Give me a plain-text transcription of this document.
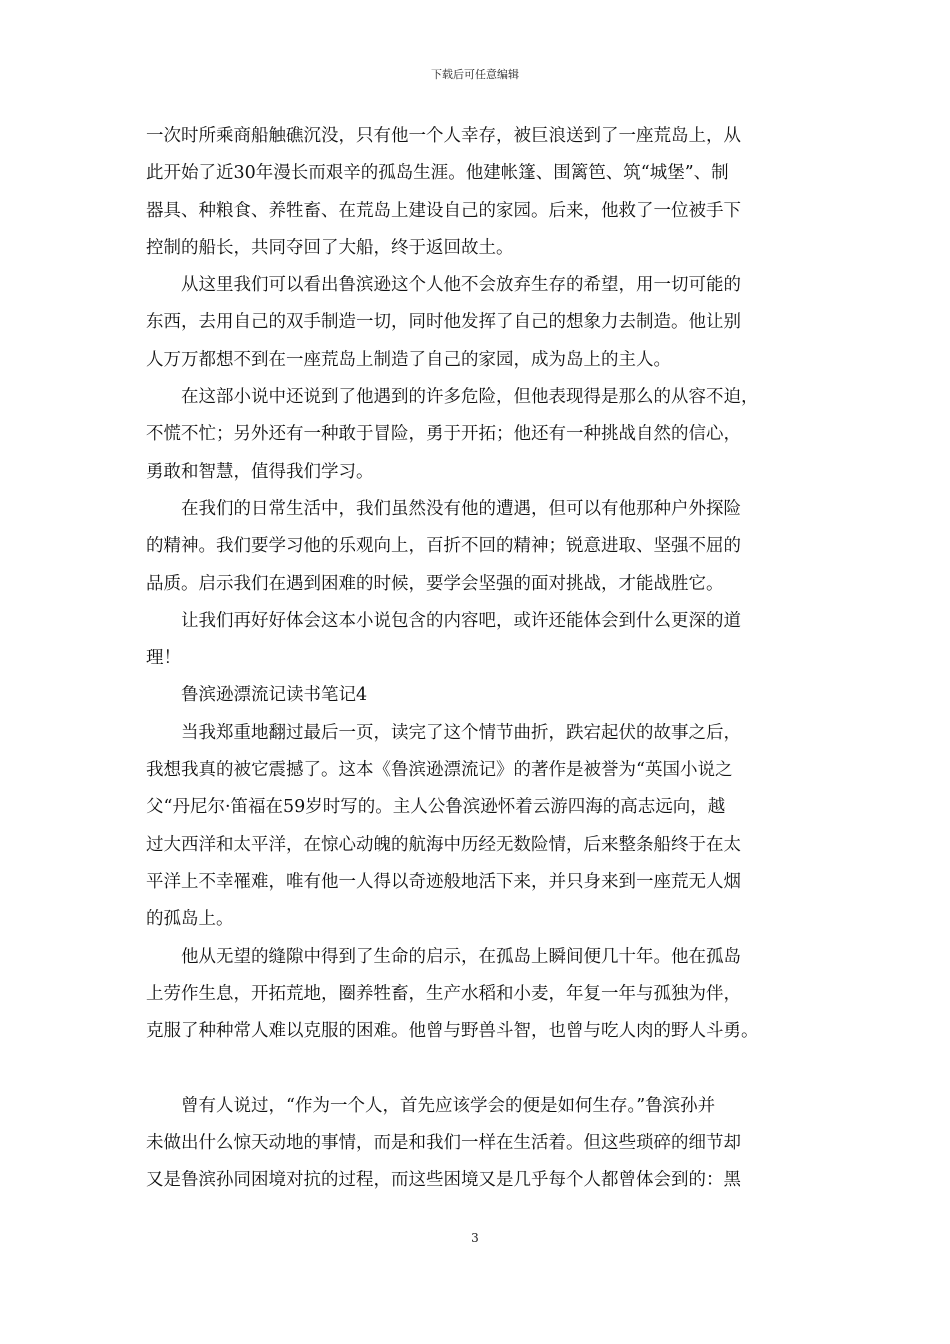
下载后可任意编辑
一次时所乘商船触礁沉没，只有他一个人幸存，被巨浪送到了一座荒岛上，从
此开始了近30年漫长而艰辛的孤岛生涯。他建帐篷、围篱笆、筑“城堡”、制
器具、种粮食、养牲畜、在荒岛上建设自己的家园。后来，他救了一位被手下
控制的船长，共同夺回了大船，终于返回故土。
　　从这里我们可以看出鲁滨逊这个人他不会放弃生存的希望，用一切可能的
东西，去用自己的双手制造一切，同时他发挥了自己的想象力去制造。他让别
人万万都想不到在一座荒岛上制造了自己的家园，成为岛上的主人。
　　在这部小说中还说到了他遇到的许多危险，但他表现得是那么的从容不迫，
不慌不忙；另外还有一种敢于冒险，勇于开拓；他还有一种挑战自然的信心，
勇敢和智慧，值得我们学习。
　　在我们的日常生活中，我们虽然没有他的遭遇，但可以有他那种户外探险
的精神。我们要学习他的乐观向上，百折不回的精神；锐意进取、坚强不屈的
品质。启示我们在遇到困难的时候，要学会坚强的面对挑战，才能战胜它。
　　让我们再好好体会这本小说包含的内容吧，或许还能体会到什么更深的道
理！
　　鲁滨逊漂流记读书笔记4
　　当我郑重地翻过最后一页，读完了这个情节曲折，跌宕起伏的故事之后，
我想我真的被它震撼了。这本《鲁滨逊漂流记》的著作是被誉为“英国小说之
父“丹尼尔·笛福在59岁时写的。主人公鲁滨逊怀着云游四海的高志远向，越
过大西洋和太平洋，在惊心动魄的航海中历经无数险情，后来整条船终于在太
平洋上不幸罹难，唯有他一人得以奇迹般地活下来，并只身来到一座荒无人烟
的孤岛上。
　　他从无望的缝隙中得到了生命的启示，在孤岛上瞬间便几十年。他在孤岛
上劳作生息，开拓荒地，圈养牲畜，生产水稻和小麦，年复一年与孤独为伴，
克服了种种常人难以克服的困难。他曾与野兽斗智，也曾与吃人肉的野人斗勇。
　　曾有人说过，“作为一个人，首先应该学会的便是如何生存。”鲁滨孙并
未做出什么惊天动地的事情，而是和我们一样在生活着。但这些琐碎的细节却
又是鲁滨孙同困境对抗的过程，而这些困境又是几乎每个人都曾体会到的：黑
3
